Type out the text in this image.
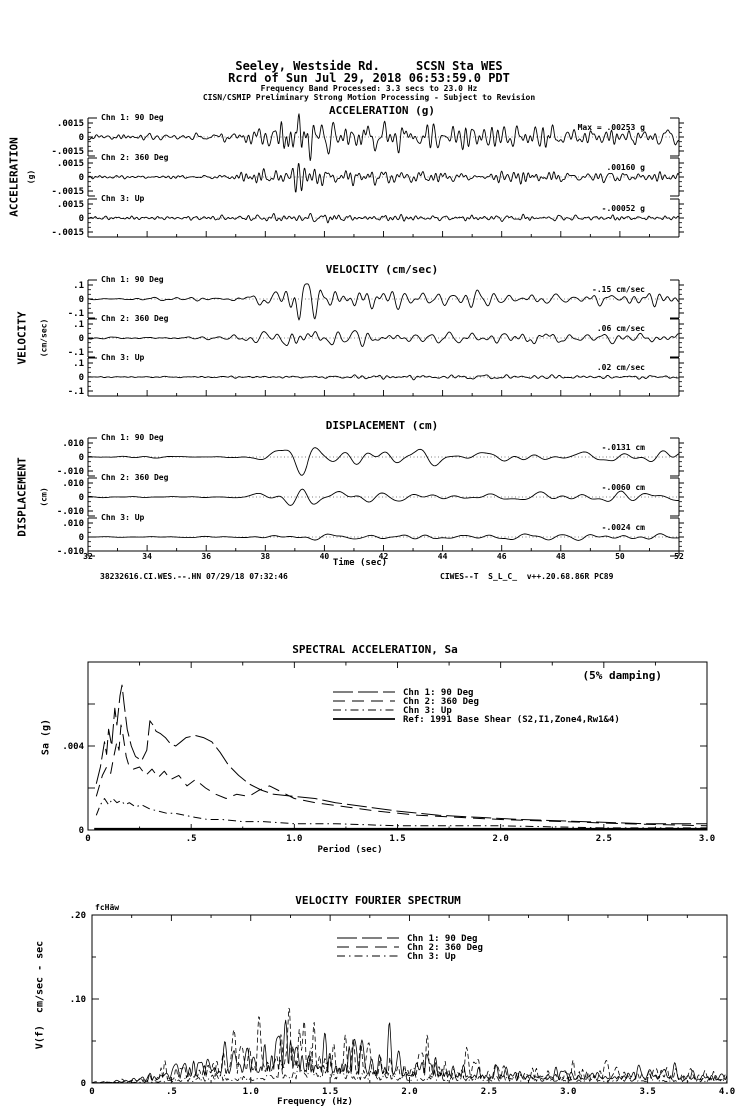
.0015
0
-.0015
Chn 1: 90 Deg
Max = .00253 g
.0015
0
-.0015
Chn 2: 360 Deg
.00160 g
.0015
0
-.0015
Chn 3: Up
-.00052 g
.1
0
-.1
Chn 1: 90 Deg
-.15 cm/sec
.1
0
-.1
Chn 2: 360 Deg
.06 cm/sec
.1
0
-.1
Chn 3: Up
.02 cm/sec
.010
0
-.010
Chn 1: 90 Deg
-.0131 cm
.010
0
-.010
Chn 2: 360 Deg
-.0060 cm
.010
0
-.010
Chn 3: Up
-.0024 cm
32	34	36	38	40	42	44	46	48	50	52
0	.5	1.0	1.5	2.0	2.5	3.0
0
.004
Chn 1: 90 Deg
Chn 2: 360 Deg
Chn 3: Up
Ref: 1991 Base Shear (S2,I1,Zone4,Rw1&4)
0	.5	1.0	1.5	2.0	2.5	3.0	3.5	4.0
0
.10
.20
Chn 1: 90 Deg
Chn 2: 360 Deg
Chn 3: Up
Seeley, Westside Rd.     SCSN Sta WES
Rcrd of Sun Jul 29, 2018 06:53:59.0 PDT
Frequency Band Processed: 3.3 secs to 23.0 Hz
CISN/CSMIP Preliminary Strong Motion Processing - Subject to Revision
ACCELERATION (g)
VELOCITY (cm/sec)
DISPLACEMENT (cm)
ACCELERATION (g)
VELOCITY (cm/sec)
DISPLACEMENT (cm)
Time (sec)
38232616.CI.WES.--.HN 07/29/18 07:32:46	CIWES--T  S_L_C_  v++.20.68.86R PC89
SPECTRAL ACCELERATION, Sa
(5% damping)
Sa (g)
Period (sec)
VELOCITY FOURIER SPECTRUM
fcHäw
V(f)  cm/sec - sec
Frequency (Hz)
